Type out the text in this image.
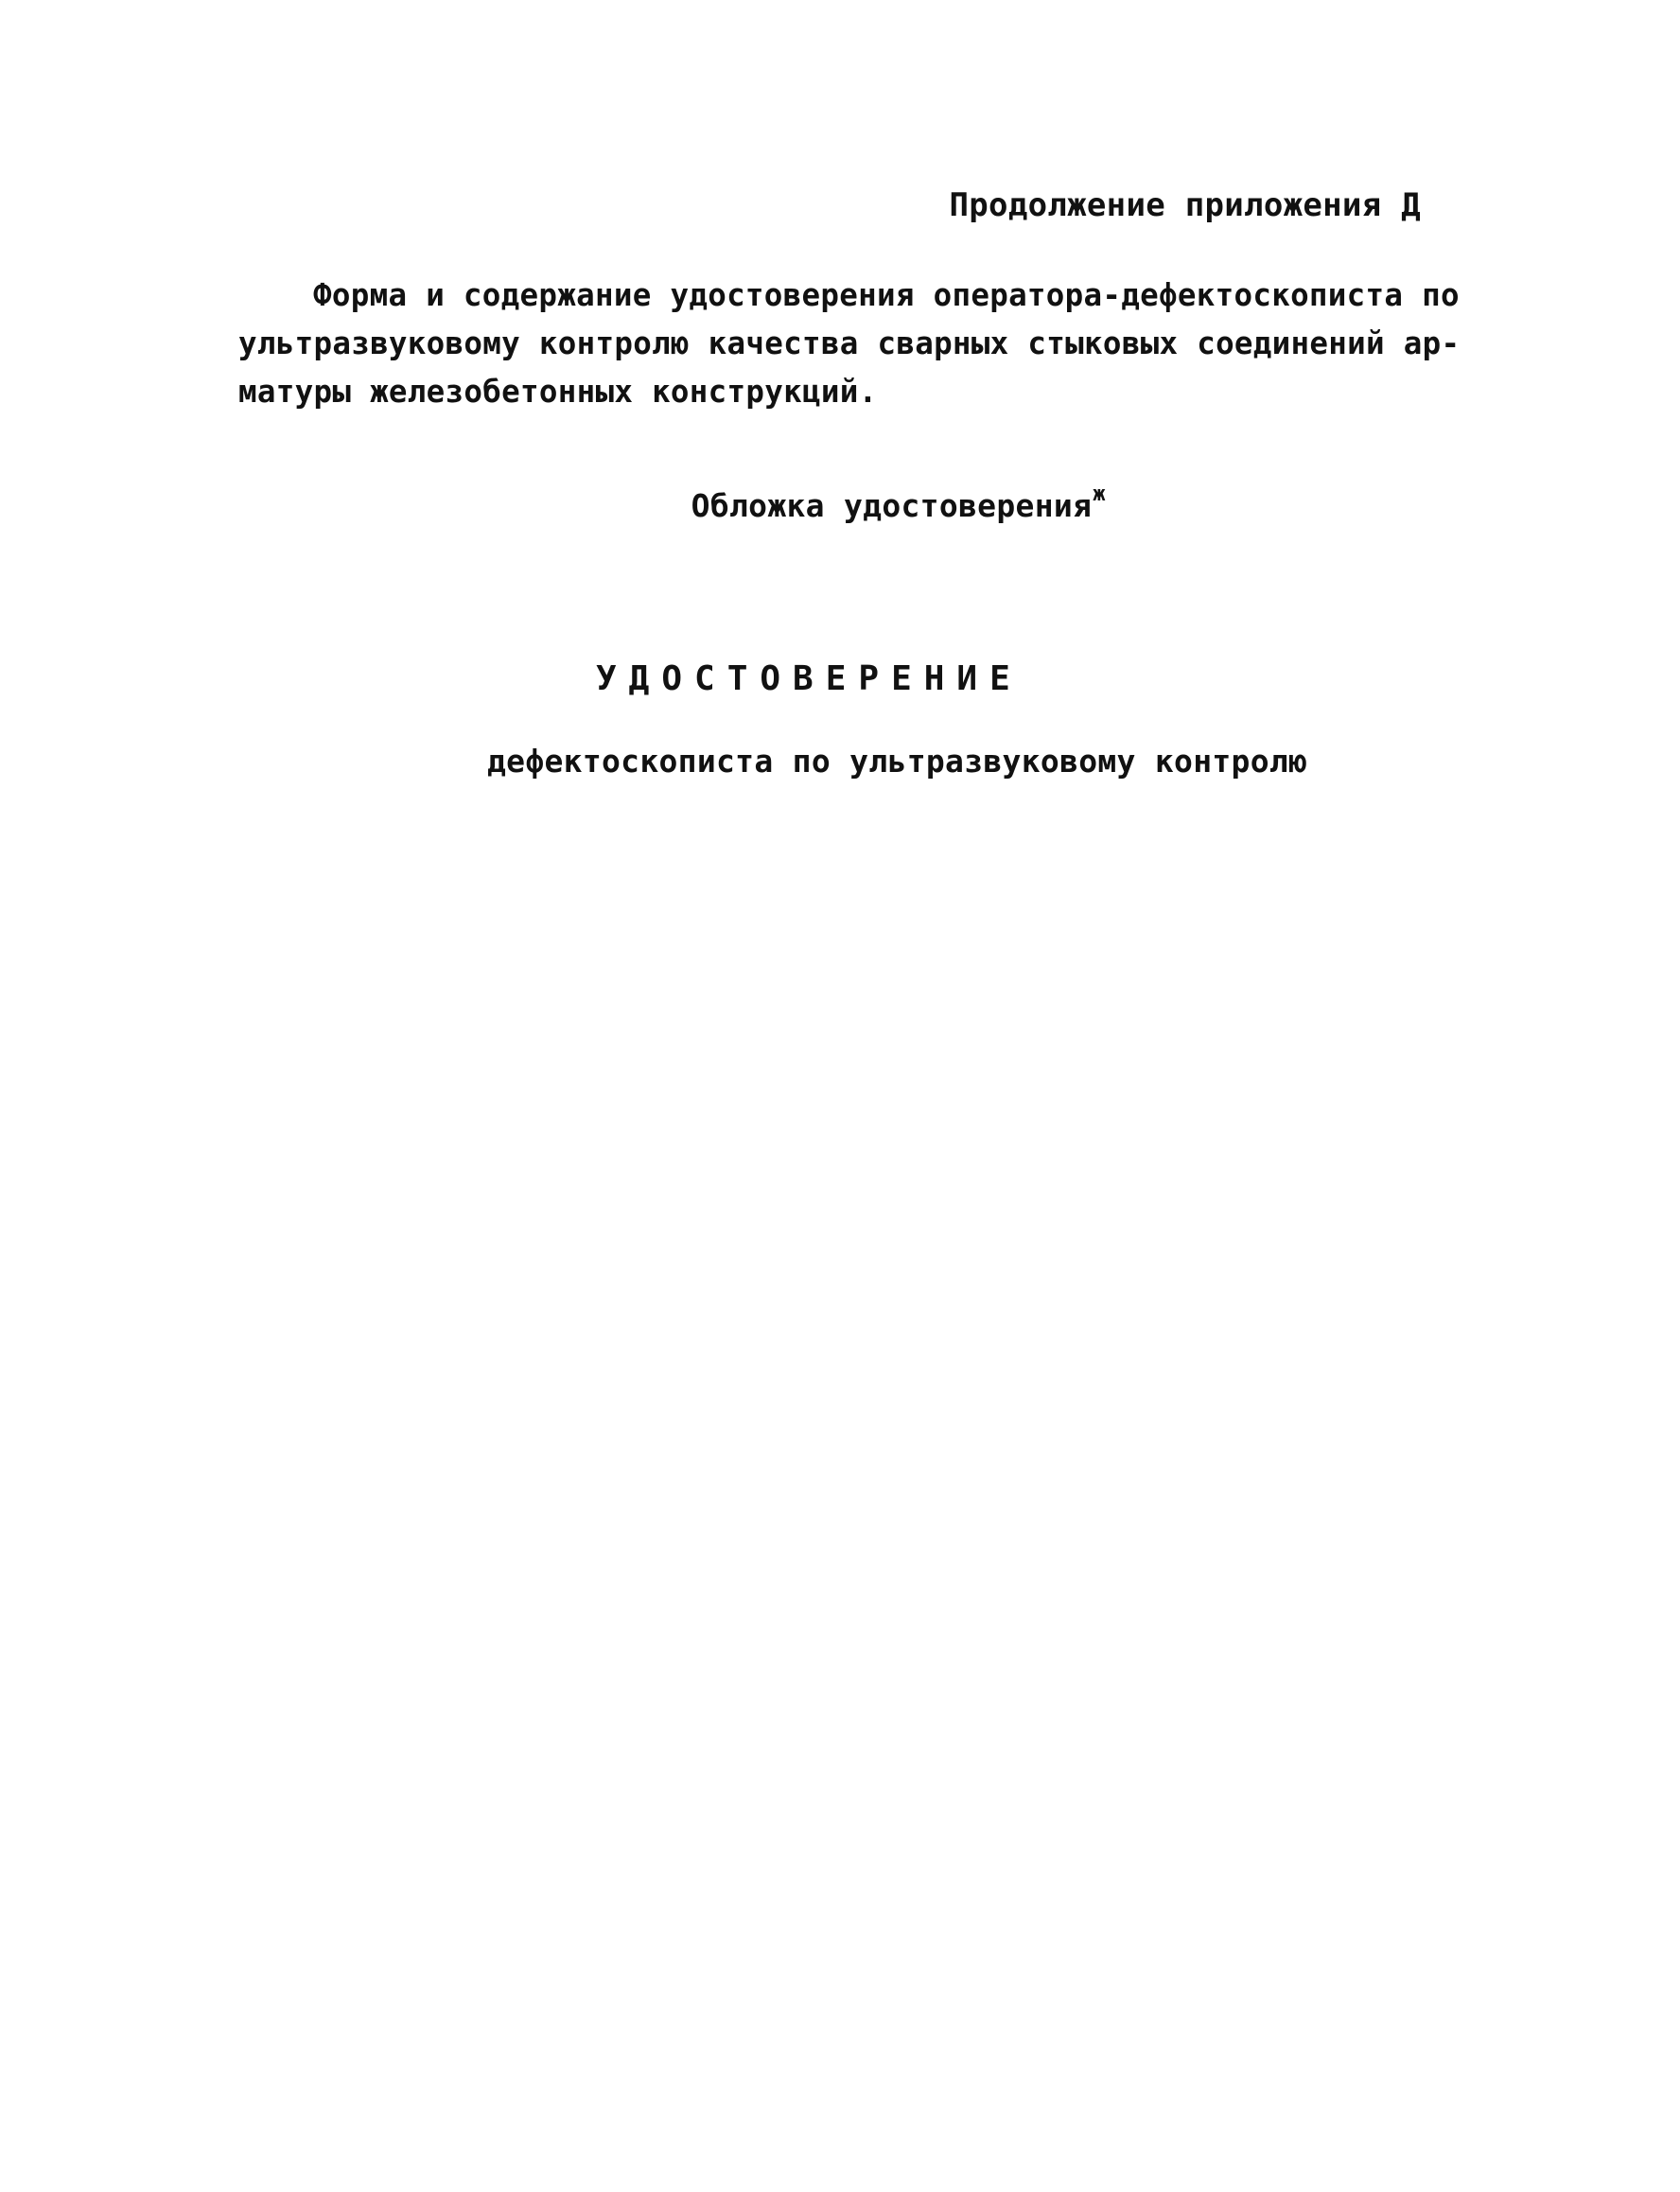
Продолжение приложения Д
Форма и содержание удостоверения оператора-дефектоскописта по
ультразвуковому контролю качества сварных стыковых соединений ар-
матуры железобетонных конструкций.

Обложка удостоверения$^ж$

УДОСТОВЕРЕНИЕ
дефектоскописта по ультразвуковому контролю
